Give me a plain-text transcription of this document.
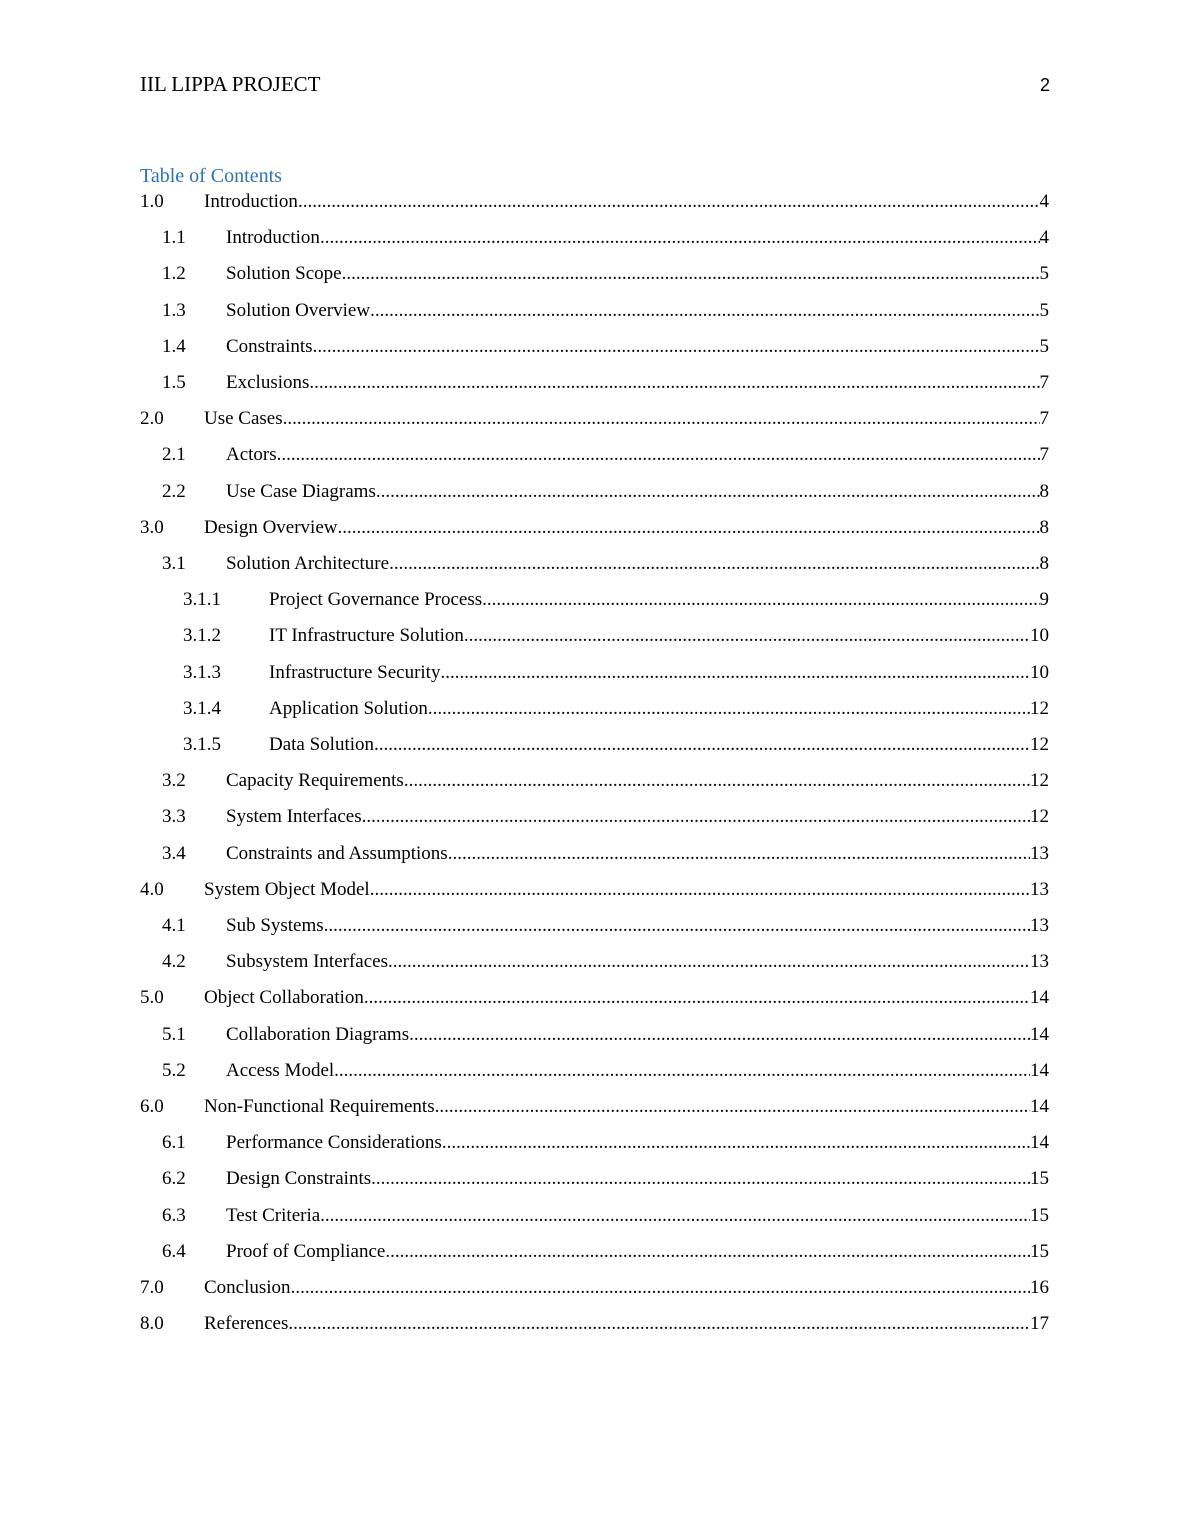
IIL LIPPA PROJECT	2
Table of Contents
1.0	Introduction .....	4
1.1	Introduction .....	4
1.2	Solution Scope .....	5
1.3	Solution Overview .....	5
1.4	Constraints .....	5
1.5	Exclusions .....	7
2.0	Use Cases .....	7
2.1	Actors .....	7
2.2	Use Case Diagrams .....	8
3.0	Design Overview .....	8
3.1	Solution Architecture .....	8
3.1.1	Project Governance Process .....	9
3.1.2	IT Infrastructure Solution .....	10
3.1.3	Infrastructure Security .....	10
3.1.4	Application Solution .....	12
3.1.5	Data Solution .....	12
3.2	Capacity Requirements .....	12
3.3	System Interfaces .....	12
3.4	Constraints and Assumptions .....	13
4.0	System Object Model .....	13
4.1	Sub Systems .....	13
4.2	Subsystem Interfaces .....	13
5.0	Object Collaboration .....	14
5.1	Collaboration Diagrams .....	14
5.2	Access Model .....	14
6.0	Non-Functional Requirements .....	14
6.1	Performance Considerations .....	14
6.2	Design Constraints .....	15
6.3	Test Criteria .....	15
6.4	Proof of Compliance .....	15
7.0	Conclusion .....	16
8.0	References .....	17
